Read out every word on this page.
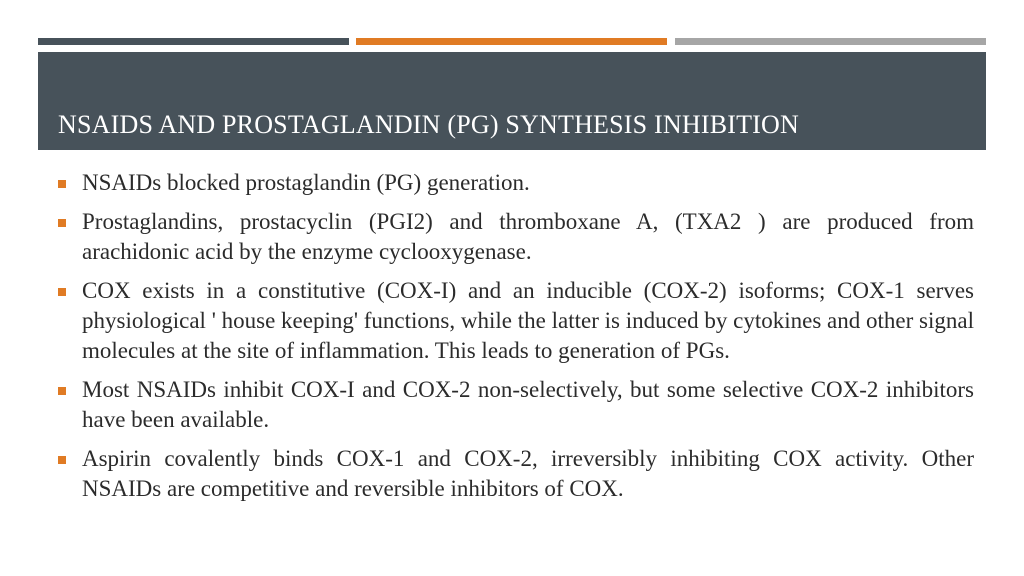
NSAIDS AND PROSTAGLANDIN (PG) SYNTHESIS INHIBITION
NSAIDs blocked prostaglandin (PG) generation.
Prostaglandins, prostacyclin (PGI2) and thromboxane A, (TXA2 ) are produced from arachidonic acid by the enzyme cyclooxygenase.
COX exists in a constitutive (COX-I) and an inducible (COX-2) isoforms; COX-1 serves physiological ' house keeping' functions, while the latter is induced by cytokines and other signal molecules at the site of inflammation. This leads to generation of PGs.
Most NSAIDs inhibit COX-I and COX-2 non-selectively, but some selective COX-2 inhibitors have been available.
Aspirin covalently binds COX-1 and COX-2, irreversibly inhibiting COX activity. Other NSAIDs are competitive and reversible inhibitors of COX.
